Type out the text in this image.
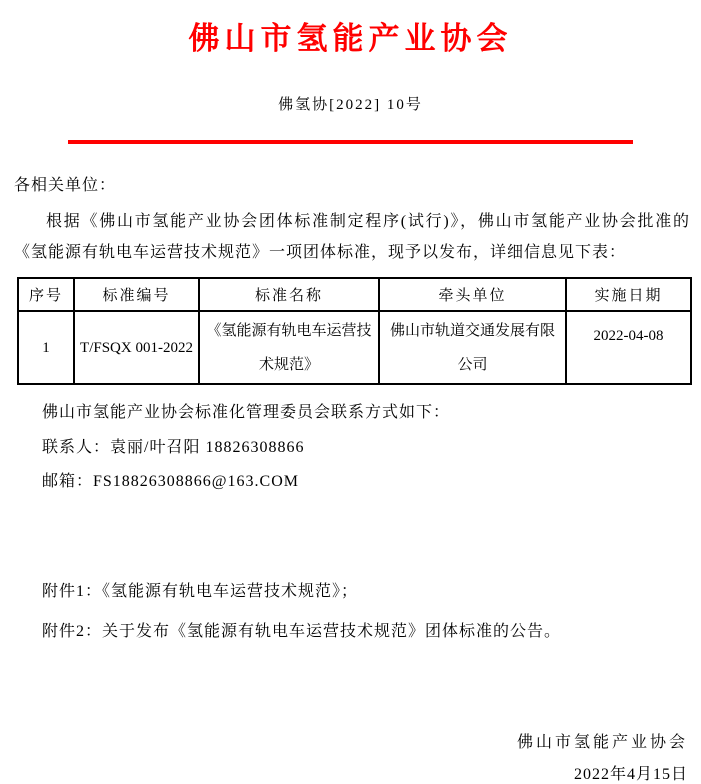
佛山市氢能产业协会
佛氢协[2022] 10号
各相关单位：
根据《佛山市氢能产业协会团体标准制定程序(试行)》，佛山市氢能产业协会批准的《氢能源有轨电车运营技术规范》一项团体标准，现予以发布，详细信息见下表：
序号	标准编号	标准名称	牵头单位	实施日期
1	T/FSQX 001-2022	《氢能源有轨电车运营技术规范》	佛山市轨道交通发展有限公司	2022-04-08
佛山市氢能产业协会标准化管理委员会联系方式如下：
联系人：袁丽/叶召阳 18826308866
邮箱：FS18826308866@163.COM
附件1：《氢能源有轨电车运营技术规范》；
附件2：关于发布《氢能源有轨电车运营技术规范》团体标准的公告。
佛山市氢能产业协会
2022年4月15日
